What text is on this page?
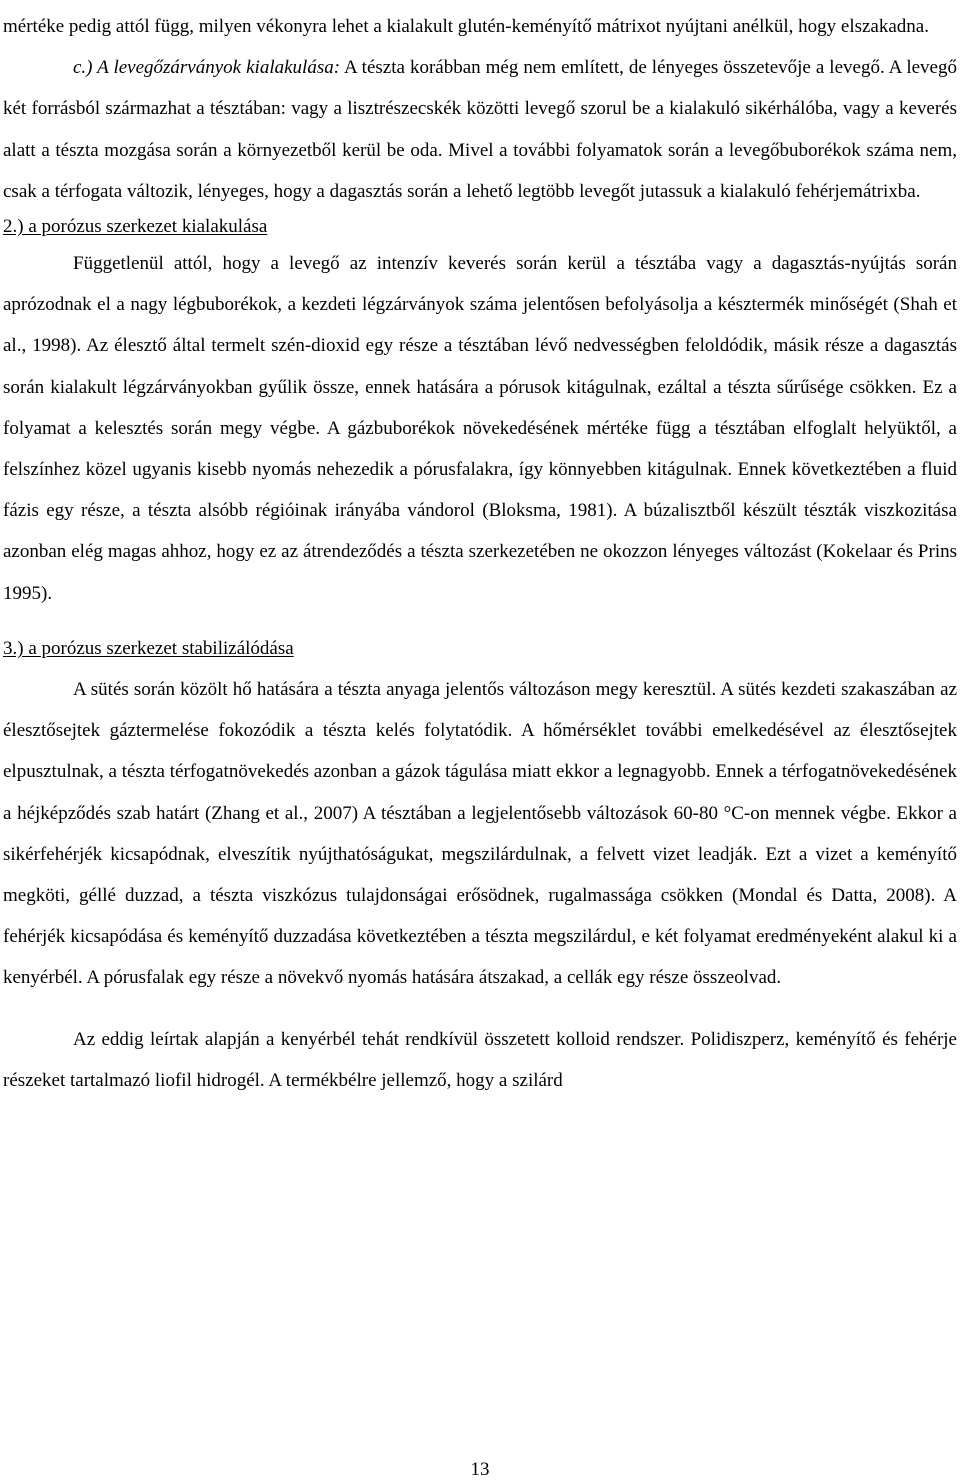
mértéke pedig attól függ, milyen vékonyra lehet a kialakult glutén-keményítő mátrixot nyújtani anélkül, hogy elszakadna.

c.) A levegőzárványok kialakulása: A tészta korábban még nem említett, de lényeges összetevője a levegő. A levegő két forrásból származhat a tésztában: vagy a lisztrészecskék közötti levegő szorul be a kialakuló sikérhálóba, vagy a keverés alatt a tészta mozgása során a környezetből kerül be oda. Mivel a további folyamatok során a levegőbuborékok száma nem, csak a térfogata változik, lényeges, hogy a dagasztás során a lehető legtöbb levegőt jutassuk a kialakuló fehérjemátrixba.

2.) a porózus szerkezet kialakulása

Függetlenül attól, hogy a levegő az intenzív keverés során kerül a tésztába vagy a dagasztás-nyújtás során aprózodnak el a nagy légbuborékok, a kezdeti légzárványok száma jelentősen befolyásolja a késztermék minőségét (Shah et al., 1998). Az élesztő által termelt szén-dioxid egy része a tésztában lévő nedvességben feloldódik, másik része a dagasztás során kialakult légzárványokban gyűlik össze, ennek hatására a pórusok kitágulnak, ezáltal a tészta sűrűsége csökken. Ez a folyamat a kelesztés során megy végbe. A gázbuborékok növekedésének mértéke függ a tésztában elfoglalt helyüktől, a felszínhez közel ugyanis kisebb nyomás nehezedik a pórusfalakra, így könnyebben kitágulnak. Ennek következtében a fluid fázis egy része, a tészta alsóbb régióinak irányába vándorol (Bloksma, 1981). A búzalisztből készült tészták viszkozitása azonban elég magas ahhoz, hogy ez az átrendeződés a tészta szerkezetében ne okozzon lényeges változást (Kokelaar és Prins 1995).

3.) a porózus szerkezet stabilizálódása

A sütés során közölt hő hatására a tészta anyaga jelentős változáson megy keresztül. A sütés kezdeti szakaszában az élesztősejtek gáztermelése fokozódik a tészta kelés folytatódik. A hőmérséklet további emelkedésével az élesztősejtek elpusztulnak, a tészta térfogatnövekedés azonban a gázok tágulása miatt ekkor a legnagyobb. Ennek a térfogatnövekedésének a héjképződés szab határt (Zhang et al., 2007) A tésztában a legjelentősebb változások 60-80 °C-on mennek végbe. Ekkor a sikérfehérjék kicsapódnak, elveszítik nyújthatóságukat, megszilárdulnak, a felvett vizet leadják. Ezt a vizet a keményítő megköti, géllé duzzad, a tészta viszkózus tulajdonságai erősödnek, rugalmassága csökken (Mondal és Datta, 2008). A fehérjék kicsapódása és keményítő duzzadása következtében a tészta megszilárdul, e két folyamat eredményeként alakul ki a kenyérbél. A pórusfalak egy része a növekvő nyomás hatására átszakad, a cellák egy része összeolvad.

Az eddig leírtak alapján a kenyérbél tehát rendkívül összetett kolloid rendszer. Polidiszperz, keményítő és fehérje részeket tartalmazó liofil hidrogél. A termékbélre jellemző, hogy a szilárd

13
